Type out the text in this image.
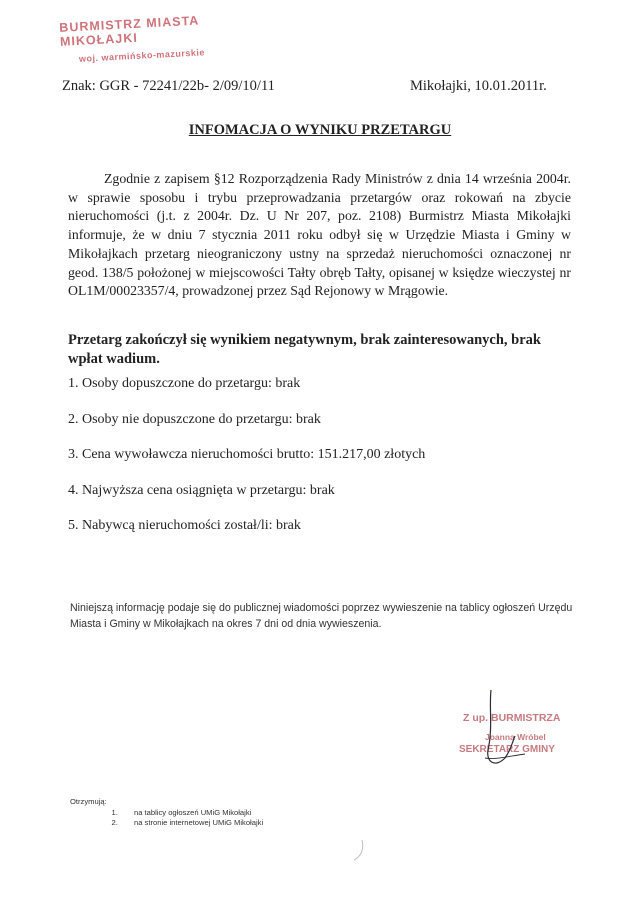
BURMISTRZ MIASTA MIKOŁAJKI
woj. warmińsko-mazurskie
Znak: GGR - 72241/22b- 2/09/10/11	Mikołajki, 10.01.2011r.
INFOMACJA O WYNIKU PRZETARGU
Zgodnie z zapisem §12 Rozporządzenia Rady Ministrów z dnia 14 września 2004r. w sprawie sposobu i trybu przeprowadzania przetargów oraz rokowań na zbycie nieruchomości (j.t. z 2004r. Dz. U Nr 207, poz. 2108) Burmistrz Miasta Mikołajki informuje, że w dniu 7 stycznia 2011 roku odbył się w Urzędzie Miasta i Gminy w Mikołajkach przetarg nieograniczony ustny na sprzedaż nieruchomości oznaczonej nr geod. 138/5 położonej w miejscowości Tałty obręb Tałty, opisanej w księdze wieczystej nr OL1M/00023357/4, prowadzonej przez Sąd Rejonowy w Mrągowie.
Przetarg zakończył się wynikiem negatywnym, brak zainteresowanych, brak wpłat wadium.
1. Osoby dopuszczone do przetargu: brak
2. Osoby nie dopuszczone do przetargu: brak
3. Cena wywoławcza nieruchomości brutto: 151.217,00 złotych
4. Najwyższa cena osiągnięta w przetargu: brak
5. Nabywcą nieruchomości został/li: brak
Niniejszą informację podaje się do publicznej wiadomości poprzez wywieszenie na tablicy ogłoszeń Urzędu Miasta i Gminy w Mikołajkach na okres 7 dni od dnia wywieszenia.
Z up. BURMISTRZA
Joanna Wróbel
SEKRETARZ GMINY
Otrzymują:
1. na tablicy ogłoszeń UMiG Mikołajki
2. na stronie internetowej UMiG Mikołajki
